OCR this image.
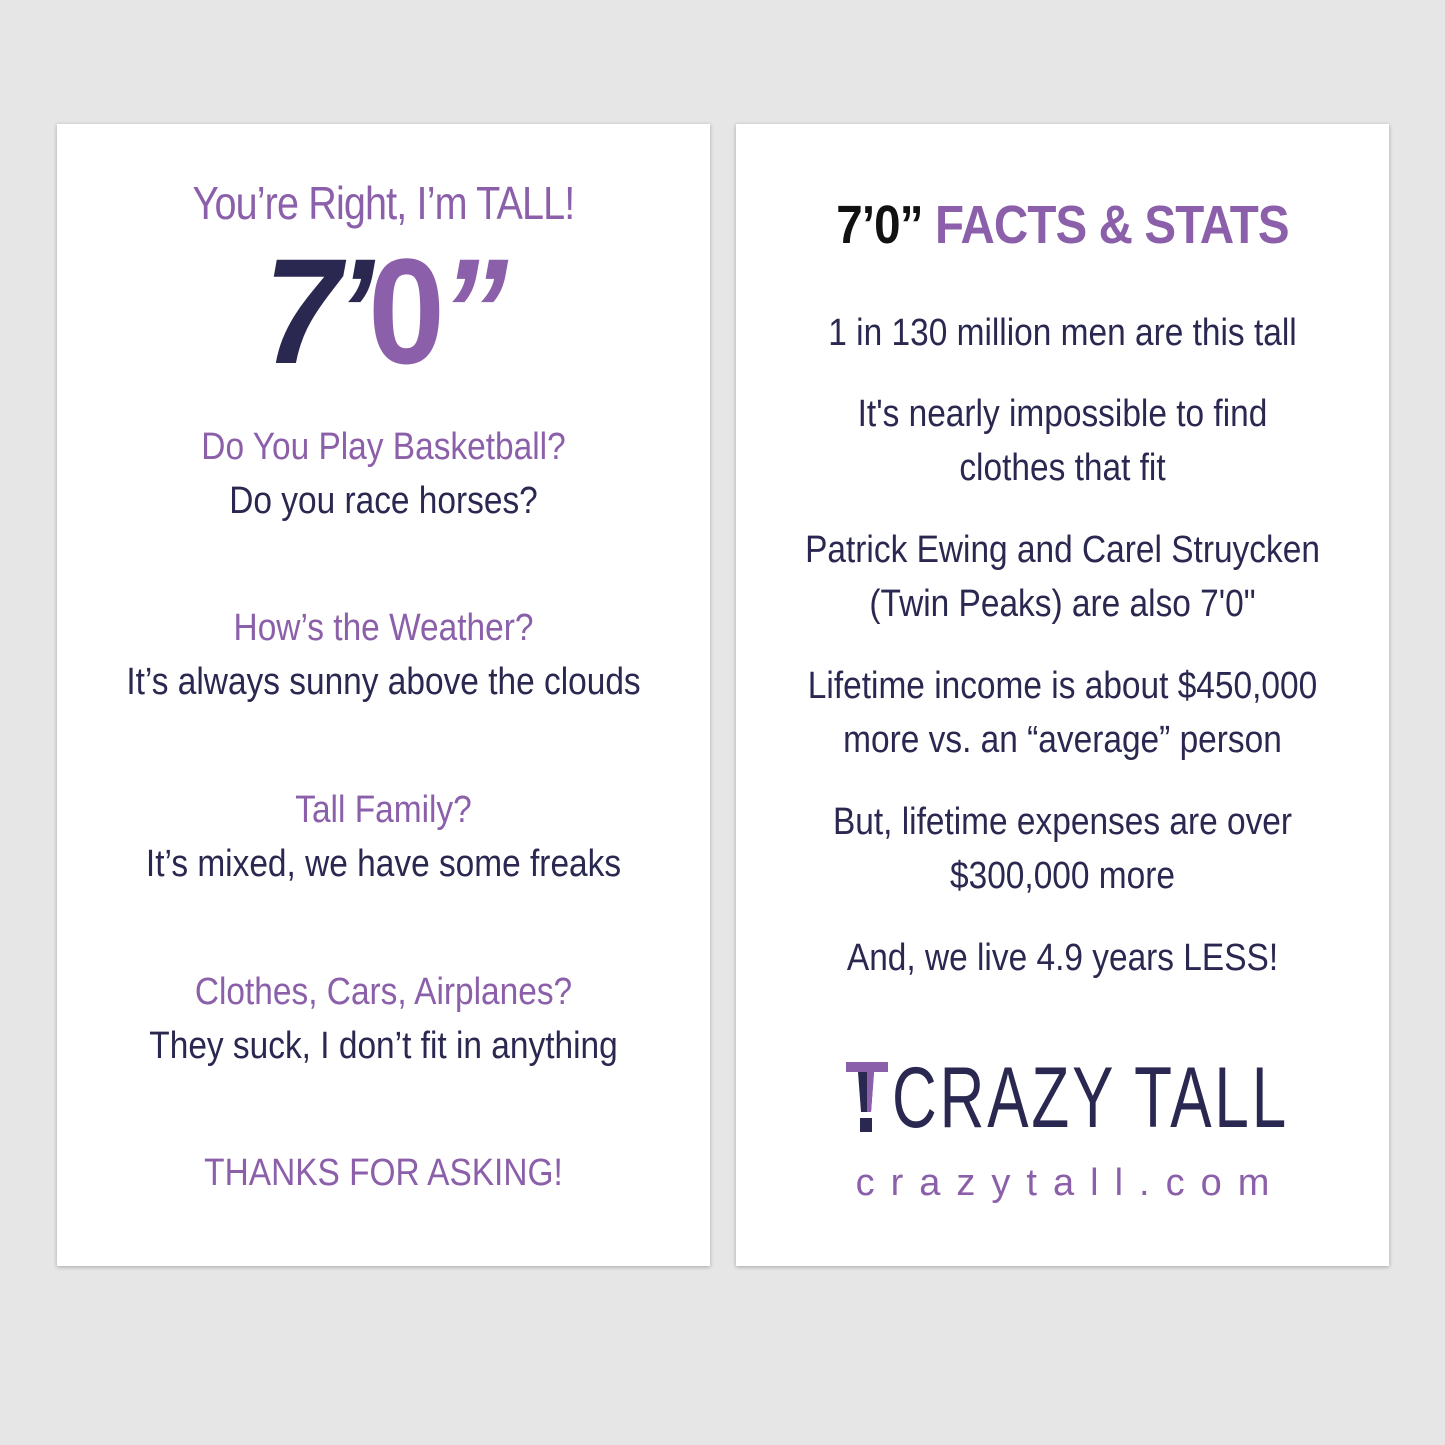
You’re Right, I’m TALL!
7’0”
Do You Play Basketball?
Do you race horses?
How’s the Weather?
It’s always sunny above the clouds
Tall Family?
It’s mixed, we have some freaks
Clothes, Cars, Airplanes?
They suck, I don’t fit in anything
THANKS FOR ASKING!
7’0” FACTS & STATS
1 in 130 million men are this tall
It's nearly impossible to find
clothes that fit
Patrick Ewing and Carel Struycken
(Twin Peaks) are also 7'0"
Lifetime income is about $450,000
more vs. an “average” person
But, lifetime expenses are over
$300,000 more
And, we live 4.9 years LESS!
CRAZY TALL
crazytall.com
